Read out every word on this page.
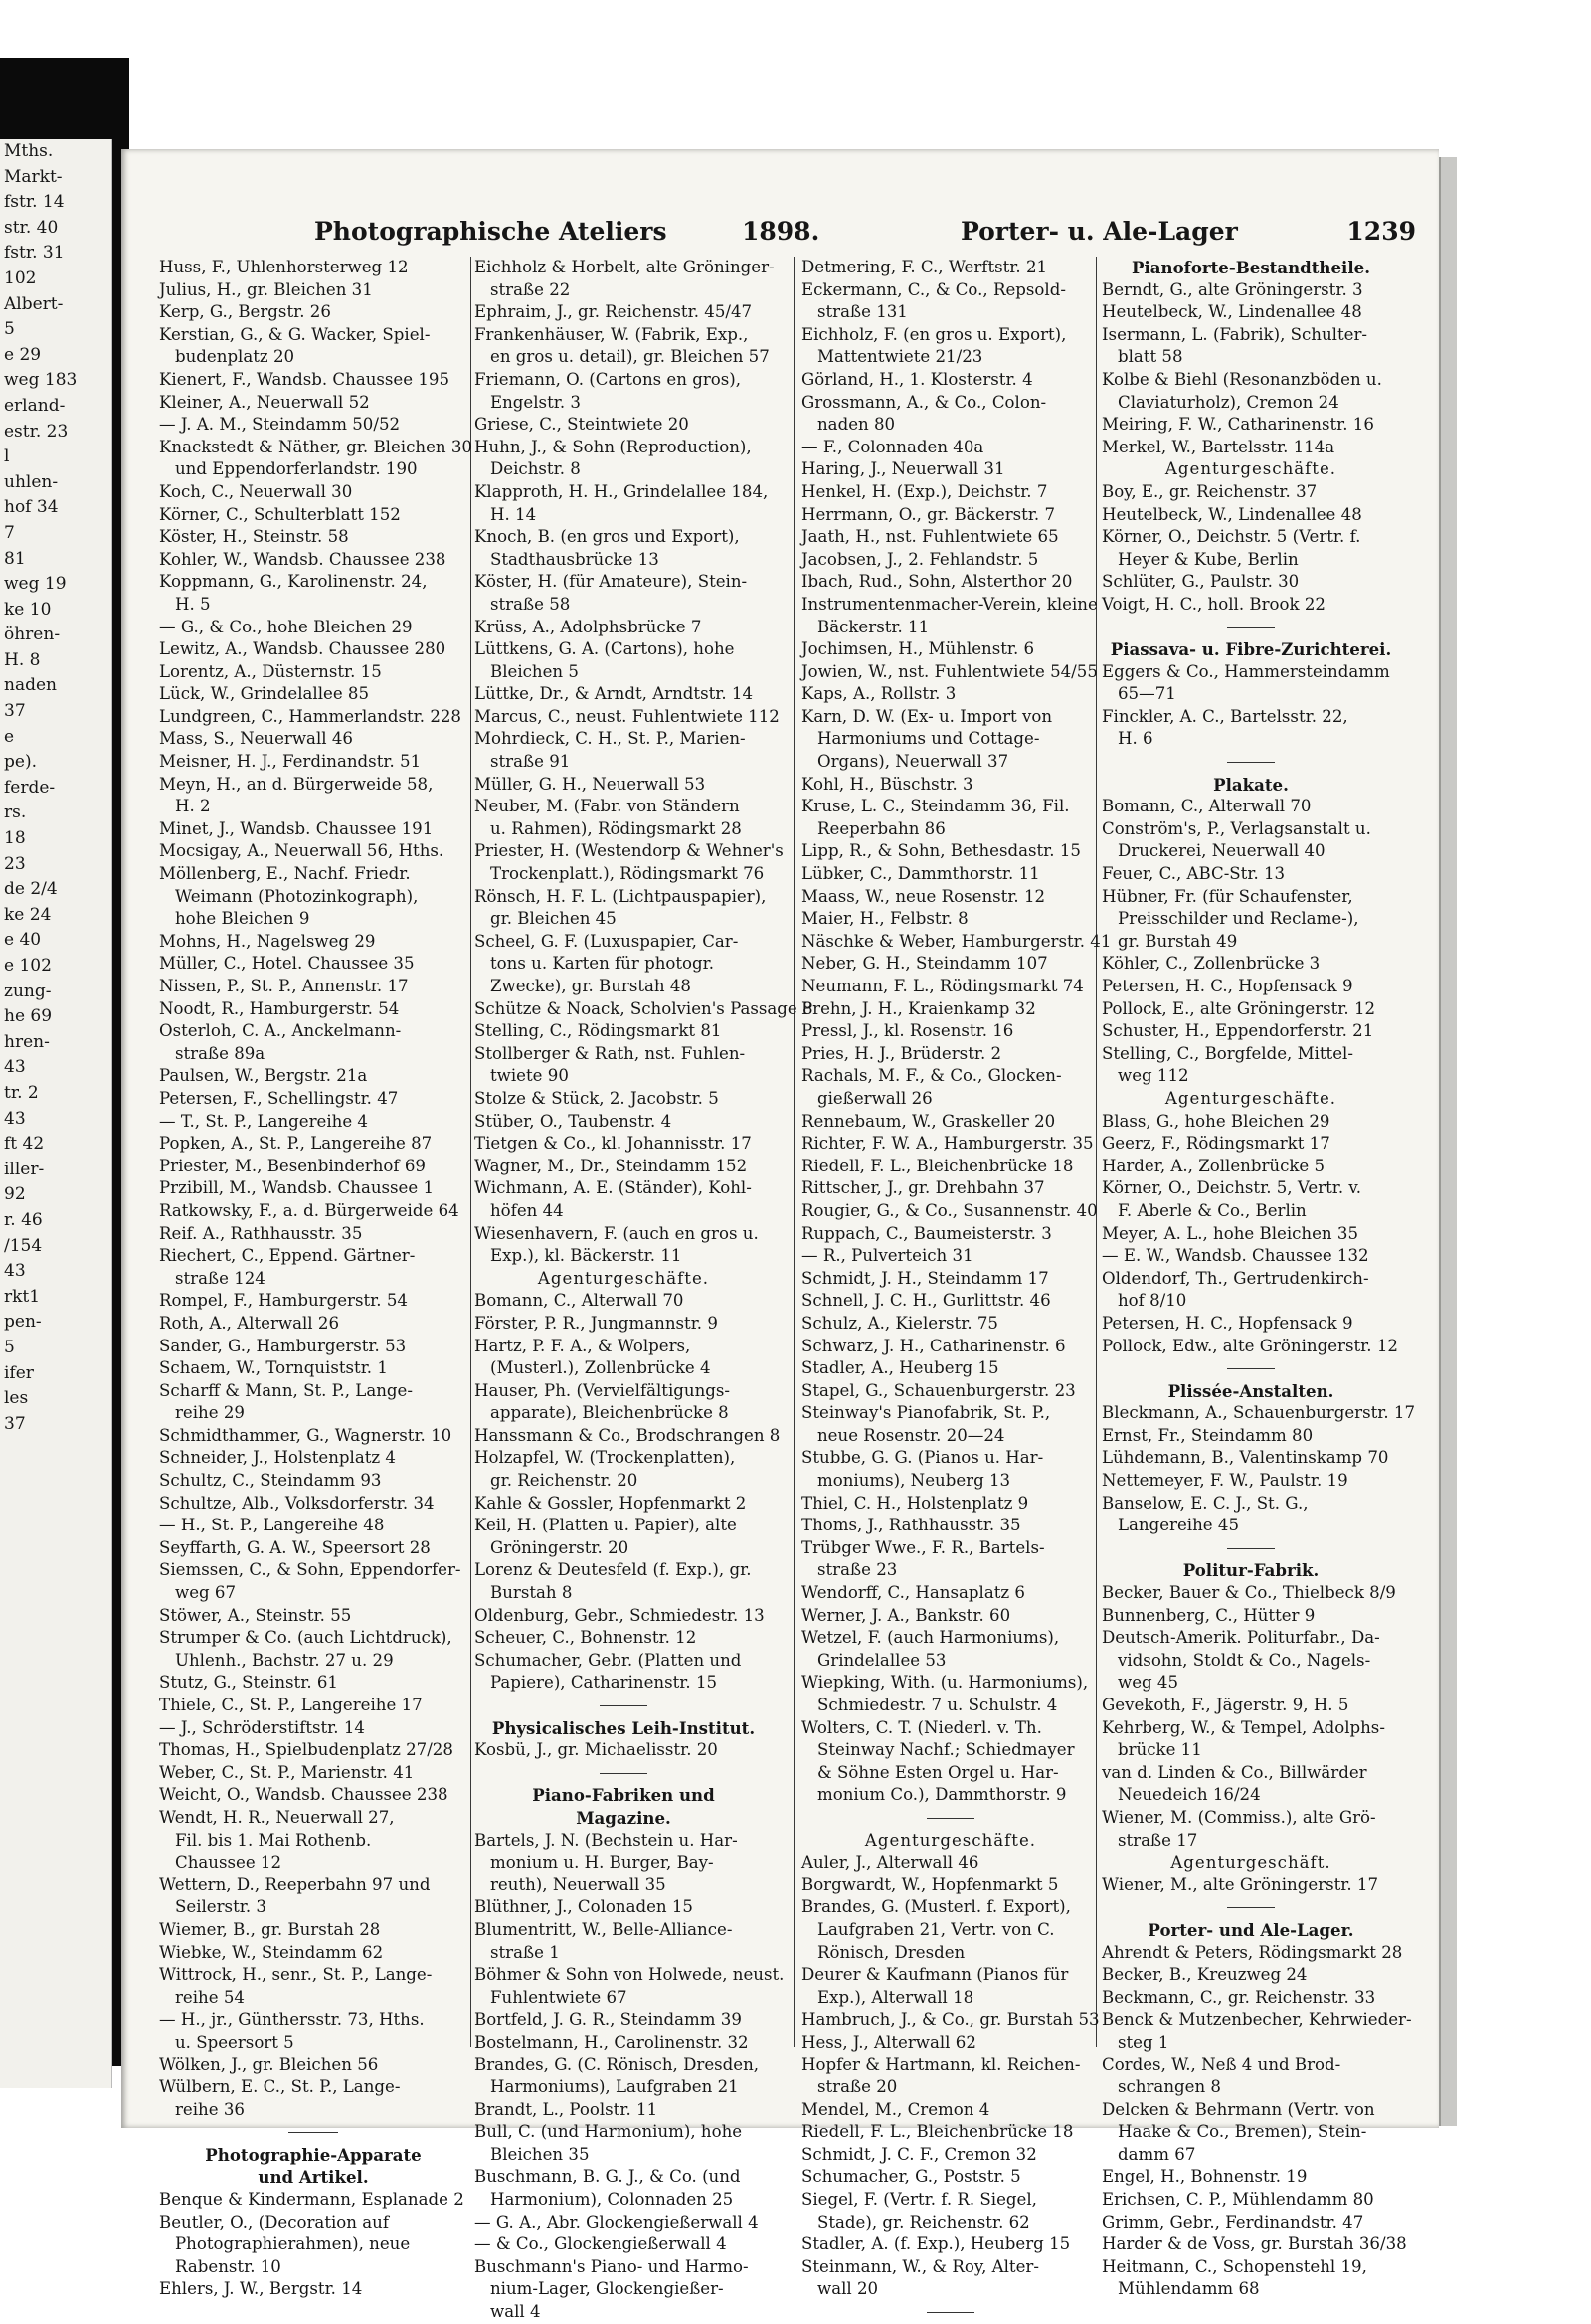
Mths.
Markt-
fstr. 14
str. 40
fstr. 31
102
Albert-
5
e 29
weg 183
erland-
estr. 23
l
uhlen-
hof 34
7
81
weg 19
ke 10
öhren-
H. 8
naden
37
e
pe).
ferde-
rs.
18
23
de 2/4
ke 24
e 40
e 102
zung-
he 69
hren-
43
tr. 2
43
ft 42
iller-
92
r. 46
/154
43
rkt1
pen-
5
ifer
les
37
Photographische Ateliers	1898.	Porter- u. Ale-Lager	1239
Huss, F., Uhlenhorsterweg 12
Julius, H., gr. Bleichen 31
Kerp, G., Bergstr. 26
Kerstian, G., & G. Wacker, Spiel-
budenplatz 20
Kienert, F., Wandsb. Chaussee 195
Kleiner, A., Neuerwall 52
— J. A. M., Steindamm 50/52
Knackstedt & Näther, gr. Bleichen 30
und Eppendorferlandstr. 190
Koch, C., Neuerwall 30
Körner, C., Schulterblatt 152
Köster, H., Steinstr. 58
Kohler, W., Wandsb. Chaussee 238
Koppmann, G., Karolinenstr. 24,
H. 5
— G., & Co., hohe Bleichen 29
Lewitz, A., Wandsb. Chaussee 280
Lorentz, A., Düsternstr. 15
Lück, W., Grindelallee 85
Lundgreen, C., Hammerlandstr. 228
Mass, S., Neuerwall 46
Meisner, H. J., Ferdinandstr. 51
Meyn, H., an d. Bürgerweide 58,
H. 2
Minet, J., Wandsb. Chaussee 191
Mocsigay, A., Neuerwall 56, Hths.
Möllenberg, E., Nachf. Friedr.
Weimann (Photozinkograph),
hohe Bleichen 9
Mohns, H., Nagelsweg 29
Müller, C., Hotel. Chaussee 35
Nissen, P., St. P., Annenstr. 17
Noodt, R., Hamburgerstr. 54
Osterloh, C. A., Anckelmann-
straße 89a
Paulsen, W., Bergstr. 21a
Petersen, F., Schellingstr. 47
— T., St. P., Langereihe 4
Popken, A., St. P., Langereihe 87
Priester, M., Besenbinderhof 69
Przibill, M., Wandsb. Chaussee 1
Ratkowsky, F., a. d. Bürgerweide 64
Reif. A., Rathhausstr. 35
Riechert, C., Eppend. Gärtner-
straße 124
Rompel, F., Hamburgerstr. 54
Roth, A., Alterwall 26
Sander, G., Hamburgerstr. 53
Schaem, W., Tornquiststr. 1
Scharff & Mann, St. P., Lange-
reihe 29
Schmidthammer, G., Wagnerstr. 10
Schneider, J., Holstenplatz 4
Schultz, C., Steindamm 93
Schultze, Alb., Volksdorferstr. 34
— H., St. P., Langereihe 48
Seyffarth, G. A. W., Speersort 28
Siemssen, C., & Sohn, Eppendorfer-
weg 67
Stöwer, A., Steinstr. 55
Strumper & Co. (auch Lichtdruck),
Uhlenh., Bachstr. 27 u. 29
Stutz, G., Steinstr. 61
Thiele, C., St. P., Langereihe 17
— J., Schröderstiftstr. 14
Thomas, H., Spielbudenplatz 27/28
Weber, C., St. P., Marienstr. 41
Weicht, O., Wandsb. Chaussee 238
Wendt, H. R., Neuerwall 27,
Fil. bis 1. Mai Rothenb.
Chaussee 12
Wettern, D., Reeperbahn 97 und
Seilerstr. 3
Wiemer, B., gr. Burstah 28
Wiebke, W., Steindamm 62
Wittrock, H., senr., St. P., Lange-
reihe 54
— H., jr., Günthersstr. 73, Hths.
u. Speersort 5
Wölken, J., gr. Bleichen 56
Wülbern, E. C., St. P., Lange-
reihe 36
Photographie-Apparate
und Artikel.
Benque & Kindermann, Esplanade 2
Beutler, O., (Decoration auf
Photographierahmen), neue
Rabenstr. 10
Ehlers, J. W., Bergstr. 14
Eichholz & Horbelt, alte Gröninger-
straße 22
Ephraim, J., gr. Reichenstr. 45/47
Frankenhäuser, W. (Fabrik, Exp.,
en gros u. detail), gr. Bleichen 57
Friemann, O. (Cartons en gros),
Engelstr. 3
Griese, C., Steintwiete 20
Huhn, J., & Sohn (Reproduction),
Deichstr. 8
Klapproth, H. H., Grindelallee 184,
H. 14
Knoch, B. (en gros und Export),
Stadthausbrücke 13
Köster, H. (für Amateure), Stein-
straße 58
Krüss, A., Adolphsbrücke 7
Lüttkens, G. A. (Cartons), hohe
Bleichen 5
Lüttke, Dr., & Arndt, Arndtstr. 14
Marcus, C., neust. Fuhlentwiete 112
Mohrdieck, C. H., St. P., Marien-
straße 91
Müller, G. H., Neuerwall 53
Neuber, M. (Fabr. von Ständern
u. Rahmen), Rödingsmarkt 28
Priester, H. (Westendorp & Wehner's
Trockenplatt.), Rödingsmarkt 76
Rönsch, H. F. L. (Lichtpauspapier),
gr. Bleichen 45
Scheel, G. F. (Luxuspapier, Car-
tons u. Karten für photogr.
Zwecke), gr. Burstah 48
Schütze & Noack, Scholvien's Passage 8
Stelling, C., Rödingsmarkt 81
Stollberger & Rath, nst. Fuhlen-
twiete 90
Stolze & Stück, 2. Jacobstr. 5
Stüber, O., Taubenstr. 4
Tietgen & Co., kl. Johannisstr. 17
Wagner, M., Dr., Steindamm 152
Wichmann, A. E. (Ständer), Kohl-
höfen 44
Wiesenhavern, F. (auch en gros u.
Exp.), kl. Bäckerstr. 11
Agenturgeschäfte.
Bomann, C., Alterwall 70
Förster, P. R., Jungmannstr. 9
Hartz, P. F. A., & Wolpers,
(Musterl.), Zollenbrücke 4
Hauser, Ph. (Vervielfältigungs-
apparate), Bleichenbrücke 8
Hanssmann & Co., Brodschrangen 8
Holzapfel, W. (Trockenplatten),
gr. Reichenstr. 20
Kahle & Gossler, Hopfenmarkt 2
Keil, H. (Platten u. Papier), alte
Gröningerstr. 20
Lorenz & Deutesfeld (f. Exp.), gr.
Burstah 8
Oldenburg, Gebr., Schmiedestr. 13
Scheuer, C., Bohnenstr. 12
Schumacher, Gebr. (Platten und
Papiere), Catharinenstr. 15
Physicalisches Leih-Institut.
Kosbü, J., gr. Michaelisstr. 20
Piano-Fabriken und
Magazine.
Bartels, J. N. (Bechstein u. Har-
monium u. H. Burger, Bay-
reuth), Neuerwall 35
Blüthner, J., Colonaden 15
Blumentritt, W., Belle-Alliance-
straße 1
Böhmer & Sohn von Holwede, neust.
Fuhlentwiete 67
Bortfeld, J. G. R., Steindamm 39
Bostelmann, H., Carolinenstr. 32
Brandes, G. (C. Rönisch, Dresden,
Harmoniums), Laufgraben 21
Brandt, L., Poolstr. 11
Bull, C. (und Harmonium), hohe
Bleichen 35
Buschmann, B. G. J., & Co. (und
Harmonium), Colonnaden 25
— G. A., Abr. Glockengießerwall 4
— & Co., Glockengießerwall 4
Buschmann's Piano- und Harmo-
nium-Lager, Glockengießer-
wall 4
Detmering, F. C., Werftstr. 21
Eckermann, C., & Co., Repsold-
straße 131
Eichholz, F. (en gros u. Export),
Mattentwiete 21/23
Görland, H., 1. Klosterstr. 4
Grossmann, A., & Co., Colon-
naden 80
— F., Colonnaden 40a
Haring, J., Neuerwall 31
Henkel, H. (Exp.), Deichstr. 7
Herrmann, O., gr. Bäckerstr. 7
Jaath, H., nst. Fuhlentwiete 65
Jacobsen, J., 2. Fehlandstr. 5
Ibach, Rud., Sohn, Alsterthor 20
Instrumentenmacher-Verein, kleine
Bäckerstr. 11
Jochimsen, H., Mühlenstr. 6
Jowien, W., nst. Fuhlentwiete 54/55
Kaps, A., Rollstr. 3
Karn, D. W. (Ex- u. Import von
Harmoniums und Cottage-
Organs), Neuerwall 37
Kohl, H., Büschstr. 3
Kruse, L. C., Steindamm 36, Fil.
Reeperbahn 86
Lipp, R., & Sohn, Bethesdastr. 15
Lübker, C., Dammthorstr. 11
Maass, W., neue Rosenstr. 12
Maier, H., Felbstr. 8
Näschke & Weber, Hamburgerstr. 41
Neber, G. H., Steindamm 107
Neumann, F. L., Rödingsmarkt 74
Prehn, J. H., Kraienkamp 32
Pressl, J., kl. Rosenstr. 16
Pries, H. J., Brüderstr. 2
Rachals, M. F., & Co., Glocken-
gießerwall 26
Rennebaum, W., Graskeller 20
Richter, F. W. A., Hamburgerstr. 35
Riedell, F. L., Bleichenbrücke 18
Rittscher, J., gr. Drehbahn 37
Rougier, G., & Co., Susannenstr. 40
Ruppach, C., Baumeisterstr. 3
— R., Pulverteich 31
Schmidt, J. H., Steindamm 17
Schnell, J. C. H., Gurlittstr. 46
Schulz, A., Kielerstr. 75
Schwarz, J. H., Catharinenstr. 6
Stadler, A., Heuberg 15
Stapel, G., Schauenburgerstr. 23
Steinway's Pianofabrik, St. P.,
neue Rosenstr. 20—24
Stubbe, G. G. (Pianos u. Har-
moniums), Neuberg 13
Thiel, C. H., Holstenplatz 9
Thoms, J., Rathhausstr. 35
Trübger Wwe., F. R., Bartels-
straße 23
Wendorff, C., Hansaplatz 6
Werner, J. A., Bankstr. 60
Wetzel, F. (auch Harmoniums),
Grindelallee 53
Wiepking, With. (u. Harmoniums),
Schmiedestr. 7 u. Schulstr. 4
Wolters, C. T. (Niederl. v. Th.
Steinway Nachf.; Schiedmayer
& Söhne Esten Orgel u. Har-
monium Co.), Dammthorstr. 9
Agenturgeschäfte.
Auler, J., Alterwall 46
Borgwardt, W., Hopfenmarkt 5
Brandes, G. (Musterl. f. Export),
Laufgraben 21, Vertr. von C.
Rönisch, Dresden
Deurer & Kaufmann (Pianos für
Exp.), Alterwall 18
Hambruch, J., & Co., gr. Burstah 53
Hess, J., Alterwall 62
Hopfer & Hartmann, kl. Reichen-
straße 20
Mendel, M., Cremon 4
Riedell, F. L., Bleichenbrücke 18
Schmidt, J. C. F., Cremon 32
Schumacher, G., Poststr. 5
Siegel, F. (Vertr. f. R. Siegel,
Stade), gr. Reichenstr. 62
Stadler, A. (f. Exp.), Heuberg 15
Steinmann, W., & Roy, Alter-
wall 20
Pianoforte-Bestandtheile.
Berndt, G., alte Gröningerstr. 3
Heutelbeck, W., Lindenallee 48
Isermann, L. (Fabrik), Schulter-
blatt 58
Kolbe & Biehl (Resonanzböden u.
Claviaturholz), Cremon 24
Meiring, F. W., Catharinenstr. 16
Merkel, W., Bartelsstr. 114a
Agenturgeschäfte.
Boy, E., gr. Reichenstr. 37
Heutelbeck, W., Lindenallee 48
Körner, O., Deichstr. 5 (Vertr. f.
Heyer & Kube, Berlin
Schlüter, G., Paulstr. 30
Voigt, H. C., holl. Brook 22
Piassava- u. Fibre-Zurichterei.
Eggers & Co., Hammersteindamm
65—71
Finckler, A. C., Bartelsstr. 22,
H. 6
Plakate.
Bomann, C., Alterwall 70
Conström's, P., Verlagsanstalt u.
Druckerei, Neuerwall 40
Feuer, C., ABC-Str. 13
Hübner, Fr. (für Schaufenster,
Preisschilder und Reclame-),
gr. Burstah 49
Köhler, C., Zollenbrücke 3
Petersen, H. C., Hopfensack 9
Pollock, E., alte Gröningerstr. 12
Schuster, H., Eppendorferstr. 21
Stelling, C., Borgfelde, Mittel-
weg 112
Agenturgeschäfte.
Blass, G., hohe Bleichen 29
Geerz, F., Rödingsmarkt 17
Harder, A., Zollenbrücke 5
Körner, O., Deichstr. 5, Vertr. v.
F. Aberle & Co., Berlin
Meyer, A. L., hohe Bleichen 35
— E. W., Wandsb. Chaussee 132
Oldendorf, Th., Gertrudenkirch-
hof 8/10
Petersen, H. C., Hopfensack 9
Pollock, Edw., alte Gröningerstr. 12
Plissée-Anstalten.
Bleckmann, A., Schauenburgerstr. 17
Ernst, Fr., Steindamm 80
Lühdemann, B., Valentinskamp 70
Nettemeyer, F. W., Paulstr. 19
Banselow, E. C. J., St. G.,
Langereihe 45
Politur-Fabrik.
Becker, Bauer & Co., Thielbeck 8/9
Bunnenberg, C., Hütter 9
Deutsch-Amerik. Politurfabr., Da-
vidsohn, Stoldt & Co., Nagels-
weg 45
Gevekoth, F., Jägerstr. 9, H. 5
Kehrberg, W., & Tempel, Adolphs-
brücke 11
van d. Linden & Co., Billwärder
Neuedeich 16/24
Wiener, M. (Commiss.), alte Grö-
straße 17
Agenturgeschäft.
Wiener, M., alte Gröningerstr. 17
Porter- und Ale-Lager.
Ahrendt & Peters, Rödingsmarkt 28
Becker, B., Kreuzweg 24
Beckmann, C., gr. Reichenstr. 33
Benck & Mutzenbecher, Kehrwieder-
steg 1
Cordes, W., Neß 4 und Brod-
schrangen 8
Delcken & Behrmann (Vertr. von
Haake & Co., Bremen), Stein-
damm 67
Engel, H., Bohnenstr. 19
Erichsen, C. P., Mühlendamm 80
Grimm, Gebr., Ferdinandstr. 47
Harder & de Voss, gr. Burstah 36/38
Heitmann, C., Schopenstehl 19,
Mühlendamm 68
